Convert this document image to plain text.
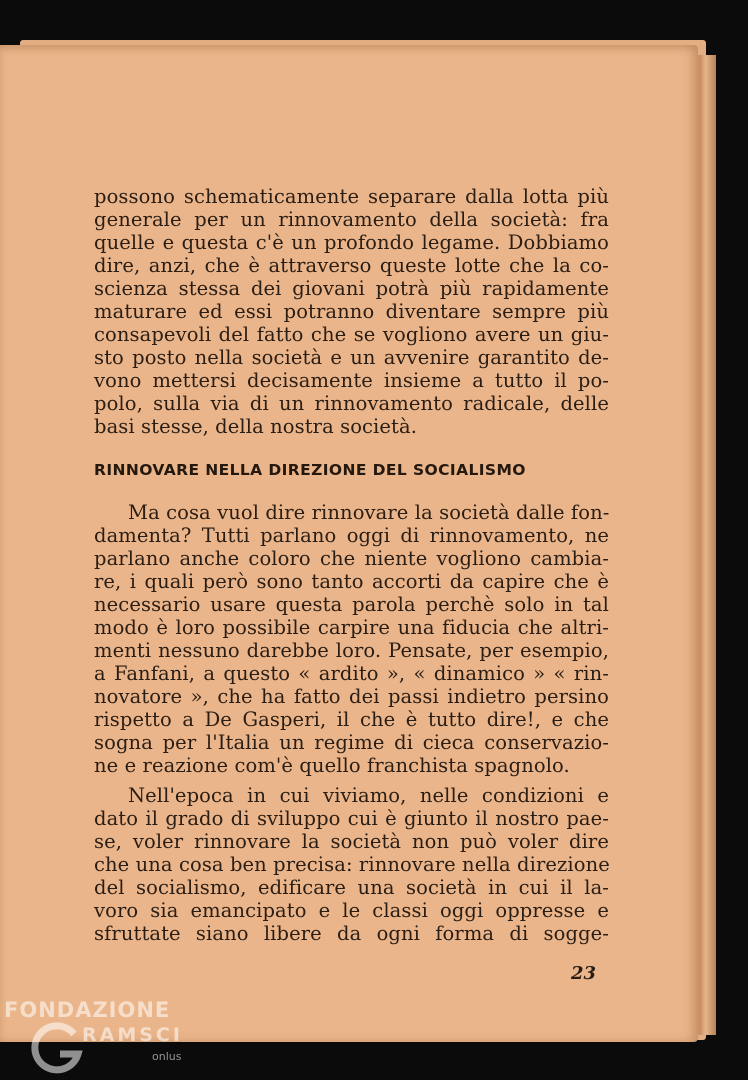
possono schematicamente separare dalla lotta più
generale per un rinnovamento della società: fra
quelle e questa c'è un profondo legame. Dobbiamo
dire, anzi, che è attraverso queste lotte che la co-
scienza stessa dei giovani potrà più rapidamente
maturare ed essi potranno diventare sempre più
consapevoli del fatto che se vogliono avere un giu-
sto posto nella società e un avvenire garantito de-
vono mettersi decisamente insieme a tutto il po-
polo, sulla via di un rinnovamento radicale, delle
basi stesse, della nostra società.
RINNOVARE NELLA DIREZIONE DEL SOCIALISMO
Ma cosa vuol dire rinnovare la società dalle fon-
damenta? Tutti parlano oggi di rinnovamento, ne
parlano anche coloro che niente vogliono cambia-
re, i quali però sono tanto accorti da capire che è
necessario usare questa parola perchè solo in tal
modo è loro possibile carpire una fiducia che altri-
menti nessuno darebbe loro. Pensate, per esempio,
a Fanfani, a questo « ardito », « dinamico » « rin-
novatore », che ha fatto dei passi indietro persino
rispetto a De Gasperi, il che è tutto dire!, e che
sogna per l'Italia un regime di cieca conservazio-
ne e reazione com'è quello franchista spagnolo.
Nell'epoca in cui viviamo, nelle condizioni e
dato il grado di sviluppo cui è giunto il nostro pae-
se, voler rinnovare la società non può voler dire
che una cosa ben precisa: rinnovare nella direzione
del socialismo, edificare una società in cui il la-
voro sia emancipato e le classi oggi oppresse e
sfruttate siano libere da ogni forma di sogge-
23
FONDAZIONE
RAMSCI
onlus
